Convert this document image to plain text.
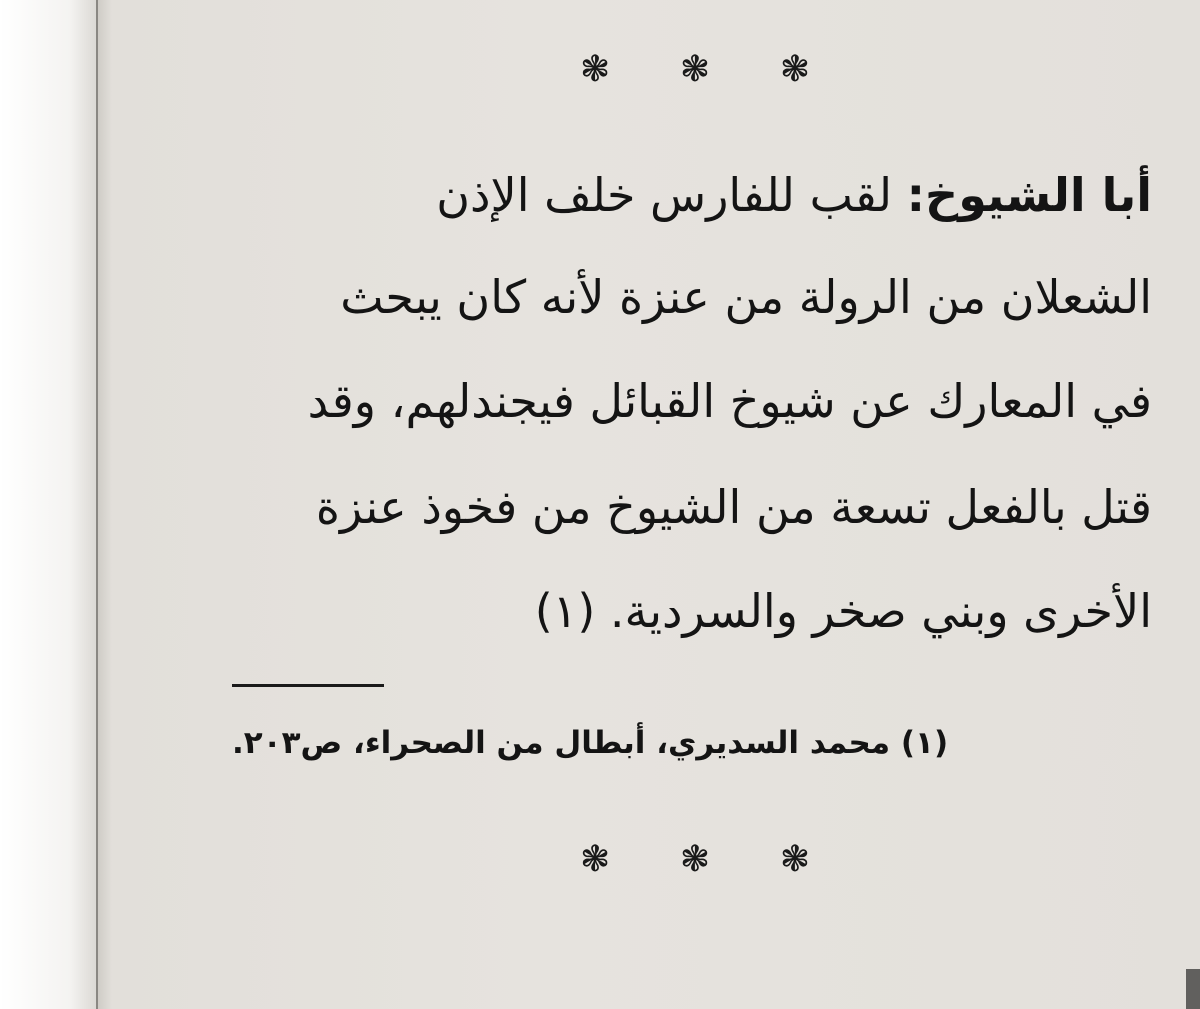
❃ ❃ ❃
أبا الشيوخ: لقب للفارس خلف الإذن
الشعلان من الرولة من عنزة لأنه كان يبحث
في المعارك عن شيوخ القبائل فيجندلهم، وقد
قتل بالفعل تسعة من الشيوخ من فخوذ عنزة
الأخرى وبني صخر والسردية. (١)
(١) محمد السديري، أبطال من الصحراء، ص٢٠٣.
❃ ❃ ❃
